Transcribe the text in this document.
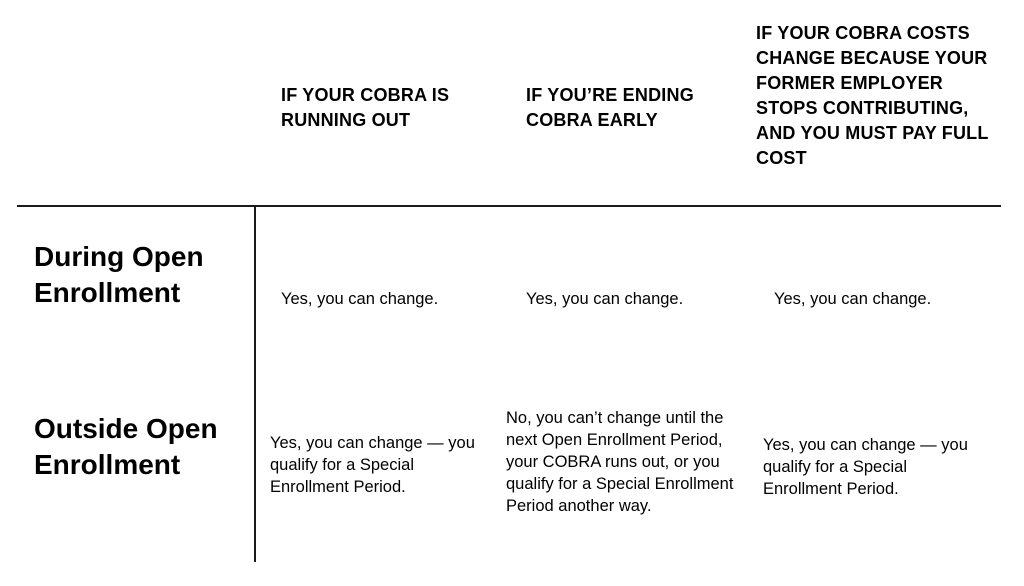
IF YOUR COBRA IS RUNNING OUT
IF YOU’RE ENDING COBRA EARLY
IF YOUR COBRA COSTS CHANGE BECAUSE YOUR FORMER EMPLOYER STOPS CONTRIBUTING, AND YOU MUST PAY FULL COST
During Open Enrollment
Outside Open Enrollment
Yes, you can change.	Yes, you can change.	Yes, you can change.
Yes, you can change — you qualify for a Special Enrollment Period.
No, you can’t change until the next Open Enrollment Period, your COBRA runs out, or you qualify for a Special Enrollment Period another way.
Yes, you can change — you qualify for a Special Enrollment Period.
